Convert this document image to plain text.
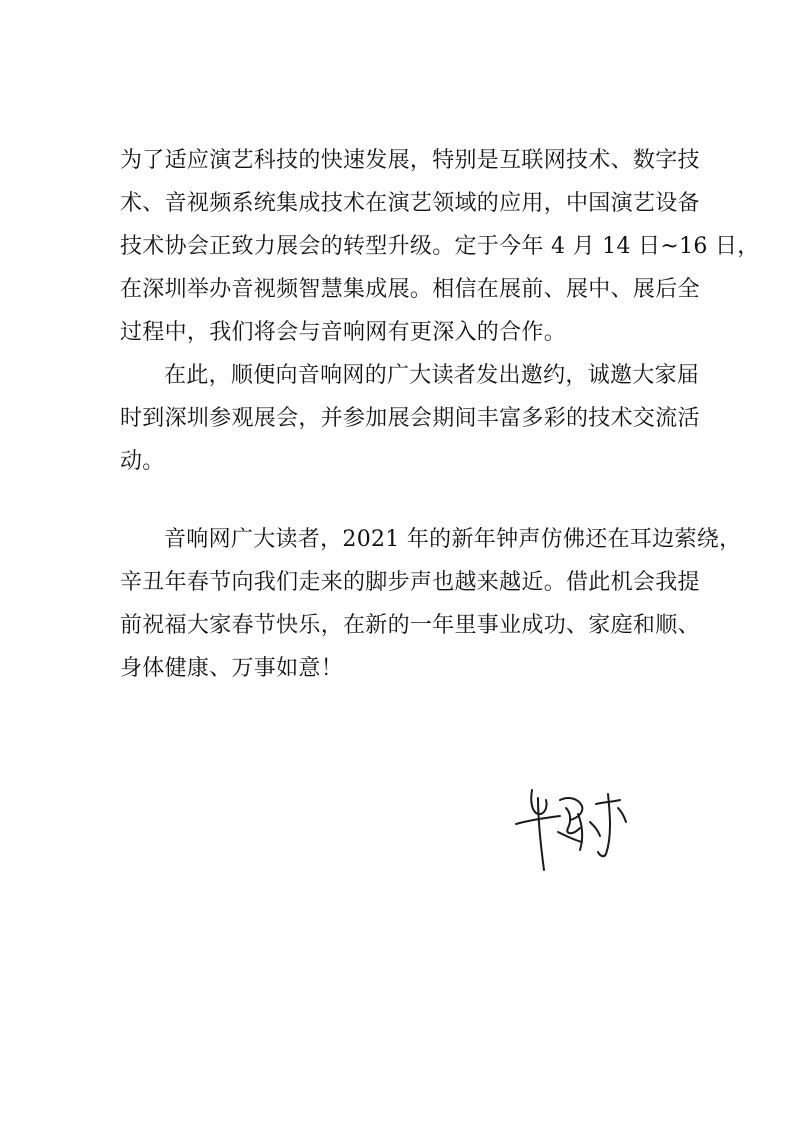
为了适应演艺科技的快速发展，特别是互联网技术、数字技
术、音视频系统集成技术在演艺领域的应用，中国演艺设备
技术协会正致力展会的转型升级。定于今年 4 月 14 日~16 日，
在深圳举办音视频智慧集成展。相信在展前、展中、展后全
过程中，我们将会与音响网有更深入的合作。
在此，顺便向音响网的广大读者发出邀约，诚邀大家届
时到深圳参观展会，并参加展会期间丰富多彩的技术交流活
动。
音响网广大读者，2021 年的新年钟声仿佛还在耳边萦绕，
辛丑年春节向我们走来的脚步声也越来越近。借此机会我提
前祝福大家春节快乐，在新的一年里事业成功、家庭和顺、
身体健康、万事如意！
